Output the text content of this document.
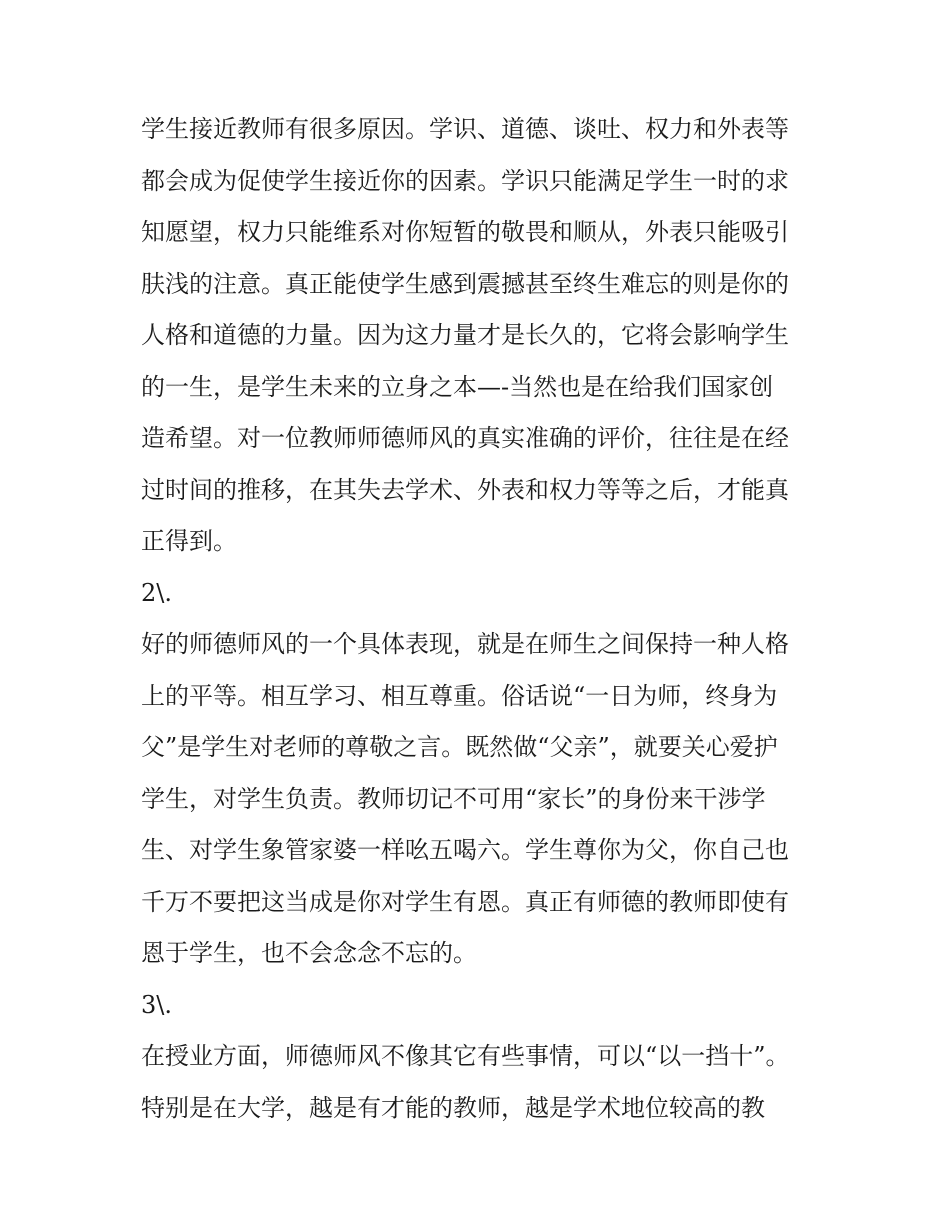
学生接近教师有很多原因。学识、道德、谈吐、权力和外表等
都会成为促使学生接近你的因素。学识只能满足学生一时的求
知愿望，权力只能维系对你短暂的敬畏和顺从，外表只能吸引
肤浅的注意。真正能使学生感到震撼甚至终生难忘的则是你的
人格和道德的力量。因为这力量才是长久的，它将会影响学生
的一生，是学生未来的立身之本—-当然也是在给我们国家创
造希望。对一位教师师德师风的真实准确的评价，往往是在经
过时间的推移，在其失去学术、外表和权力等等之后，才能真
正得到。
2\.
好的师德师风的一个具体表现，就是在师生之间保持一种人格
上的平等。相互学习、相互尊重。俗话说“一日为师，终身为
父”是学生对老师的尊敬之言。既然做“父亲”，就要关心爱护
学生，对学生负责。教师切记不可用“家长”的身份来干涉学
生、对学生象管家婆一样吆五喝六。学生尊你为父，你自己也
千万不要把这当成是你对学生有恩。真正有师德的教师即使有
恩于学生，也不会念念不忘的。
3\.
在授业方面，师德师风不像其它有些事情，可以“以一挡十”。
特别是在大学，越是有才能的教师，越是学术地位较高的教
